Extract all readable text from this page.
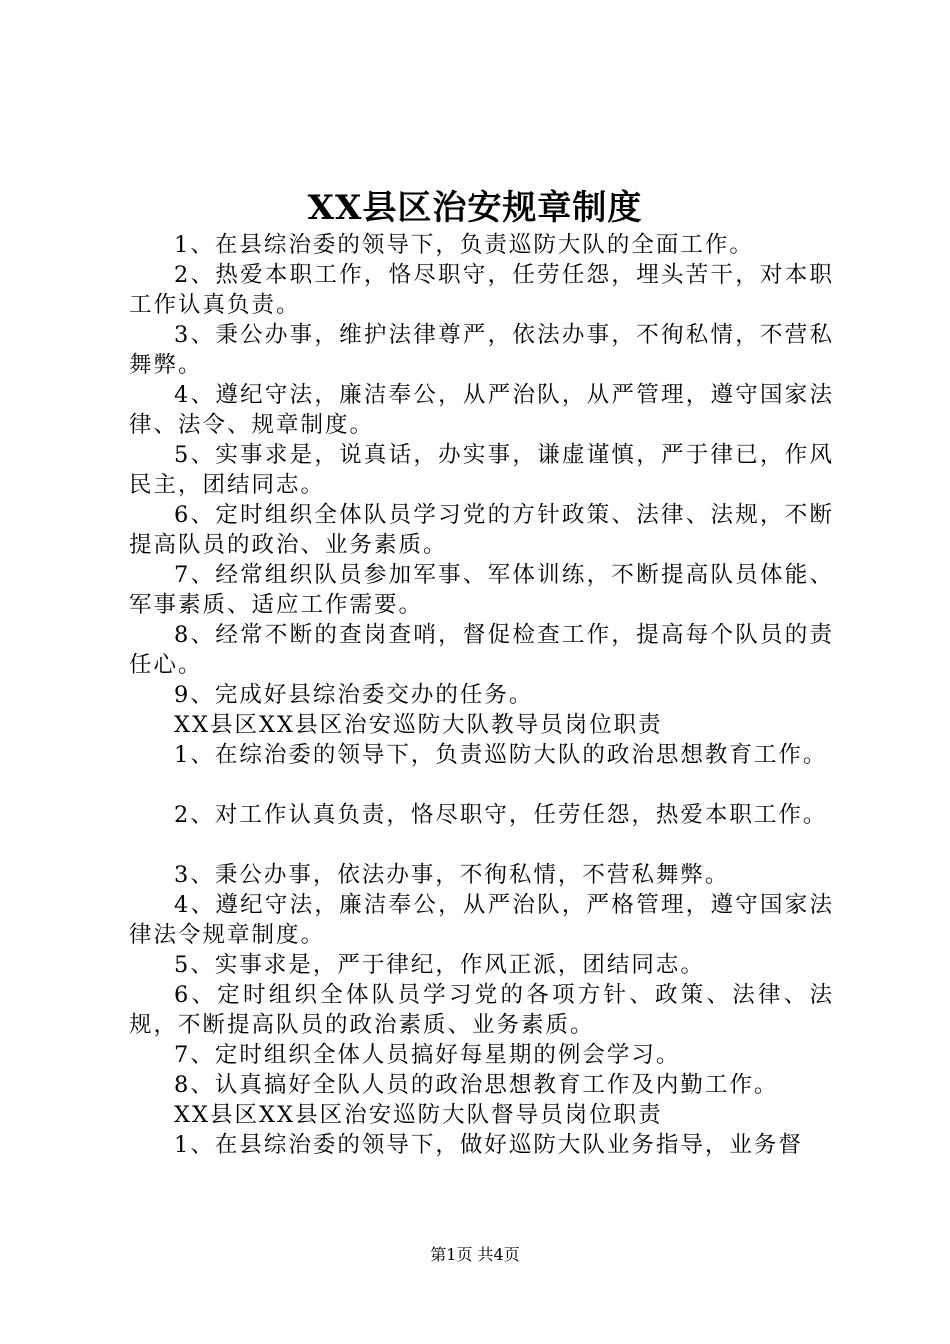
XX县区治安规章制度

1、在县综治委的领导下，负责巡防大队的全面工作。

2、热爱本职工作，恪尽职守，任劳任怨，埋头苦干，对本职工作认真负责。

3、秉公办事，维护法律尊严，依法办事，不徇私情，不营私舞弊。

4、遵纪守法，廉洁奉公，从严治队，从严管理，遵守国家法律、法令、规章制度。

5、实事求是，说真话，办实事，谦虚谨慎，严于律已，作风民主，团结同志。

6、定时组织全体队员学习党的方针政策、法律、法规，不断提高队员的政治、业务素质。

7、经常组织队员参加军事、军体训练，不断提高队员体能、军事素质、适应工作需要。

8、经常不断的查岗查哨，督促检查工作，提高每个队员的责任心。

9、完成好县综治委交办的任务。

XX县区XX县区治安巡防大队教导员岗位职责

1、在综治委的领导下，负责巡防大队的政治思想教育工作。

2、对工作认真负责，恪尽职守，任劳任怨，热爱本职工作。

3、秉公办事，依法办事，不徇私情，不营私舞弊。

4、遵纪守法，廉洁奉公，从严治队，严格管理，遵守国家法律法令规章制度。

5、实事求是，严于律纪，作风正派，团结同志。

6、定时组织全体队员学习党的各项方针、政策、法律、法规，不断提高队员的政治素质、业务素质。

7、定时组织全体人员搞好每星期的例会学习。

8、认真搞好全队人员的政治思想教育工作及内勤工作。

XX县区XX县区治安巡防大队督导员岗位职责

1、在县综治委的领导下，做好巡防大队业务指导，业务督

第1页 共4页
